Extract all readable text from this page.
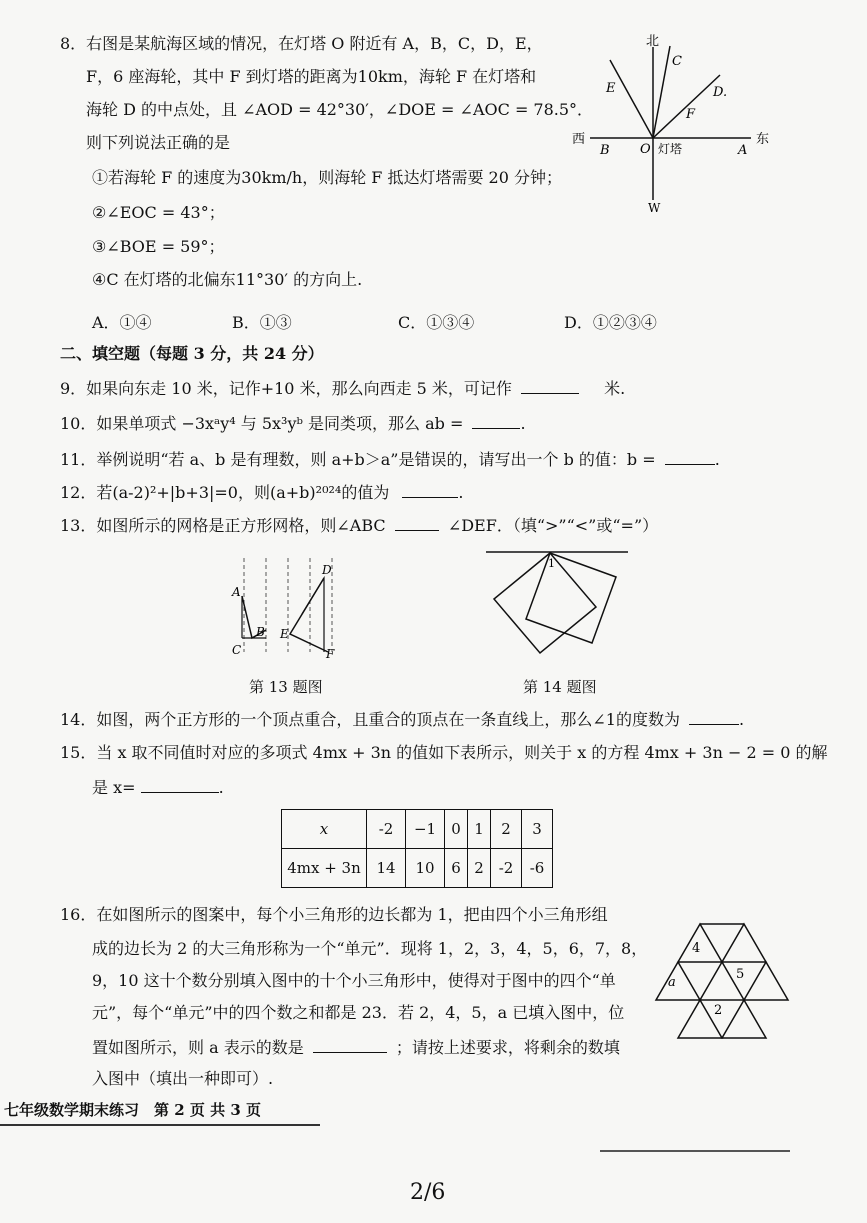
8．右图是某航海区域的情况，在灯塔 O 附近有 A，B，C，D，E，
F，6 座海轮，其中 F 到灯塔的距离为10km，海轮 F 在灯塔和
海轮 D 的中点处，且 ∠AOD = 42°30′，∠DOE = ∠AOC = 78.5°．
则下列说法正确的是
①若海轮 F 的速度为30km/h，则海轮 F 抵达灯塔需要 20 分钟；
②∠EOC = 43°；
③∠BOE = 59°；
④C 在灯塔的北偏东11°30′ 的方向上.
A．①④	B．①③	C．①③④	D．①②③④
北
W
西	东
C
E	D.
F
B	A
O 灯塔
二、填空题（每题 3 分，共 24 分）
9．如果向东走 10 米，记作+10 米，那么向西走 5 米，可记作	米.
10．如果单项式 −3xᵃy⁴ 与 5x³yᵇ 是同类项，那么 ab =	.
11．举例说明“若 a、b 是有理数，则 a+b＞a”是错误的，请写出一个 b 的值：b =	.
12．若(a-2)²+|b+3|=0，则(a+b)²⁰²⁴的值为	.
13．如图所示的网格是正方形网格，则∠ABC	∠DEF．（填“>”“<”或“=”）
A
B
C
D
E
F
第 13 题图
1
第 14 题图
14．如图，两个正方形的一个顶点重合，且重合的顶点在一条直线上，那么∠1的度数为	.
15．当 x 取不同值时对应的多项式 4mx + 3n 的值如下表所示，则关于 x 的方程 4mx + 3n − 2 = 0 的解
是 x=	.
x	-2	−1	0	1	2	3
4mx + 3n	14	10	6	2	-2	-6
16．在如图所示的图案中，每个小三角形的边长都为 1，把由四个小三角形组
成的边长为 2 的大三角形称为一个“单元”．现将 1，2，3，4，5，6，7，8，
9，10 这十个数分别填入图中的十个小三角形中，使得对于图中的四个“单
元”，每个“单元”中的四个数之和都是 23．若 2，4，5，a 已填入图中，位
置如图所示，则 a 表示的数是	；请按上述要求，将剩余的数填
入图中（填出一种即可）.
4
5
a
2
七年级数学期末练习　第 2 页 共 3 页
2/6
